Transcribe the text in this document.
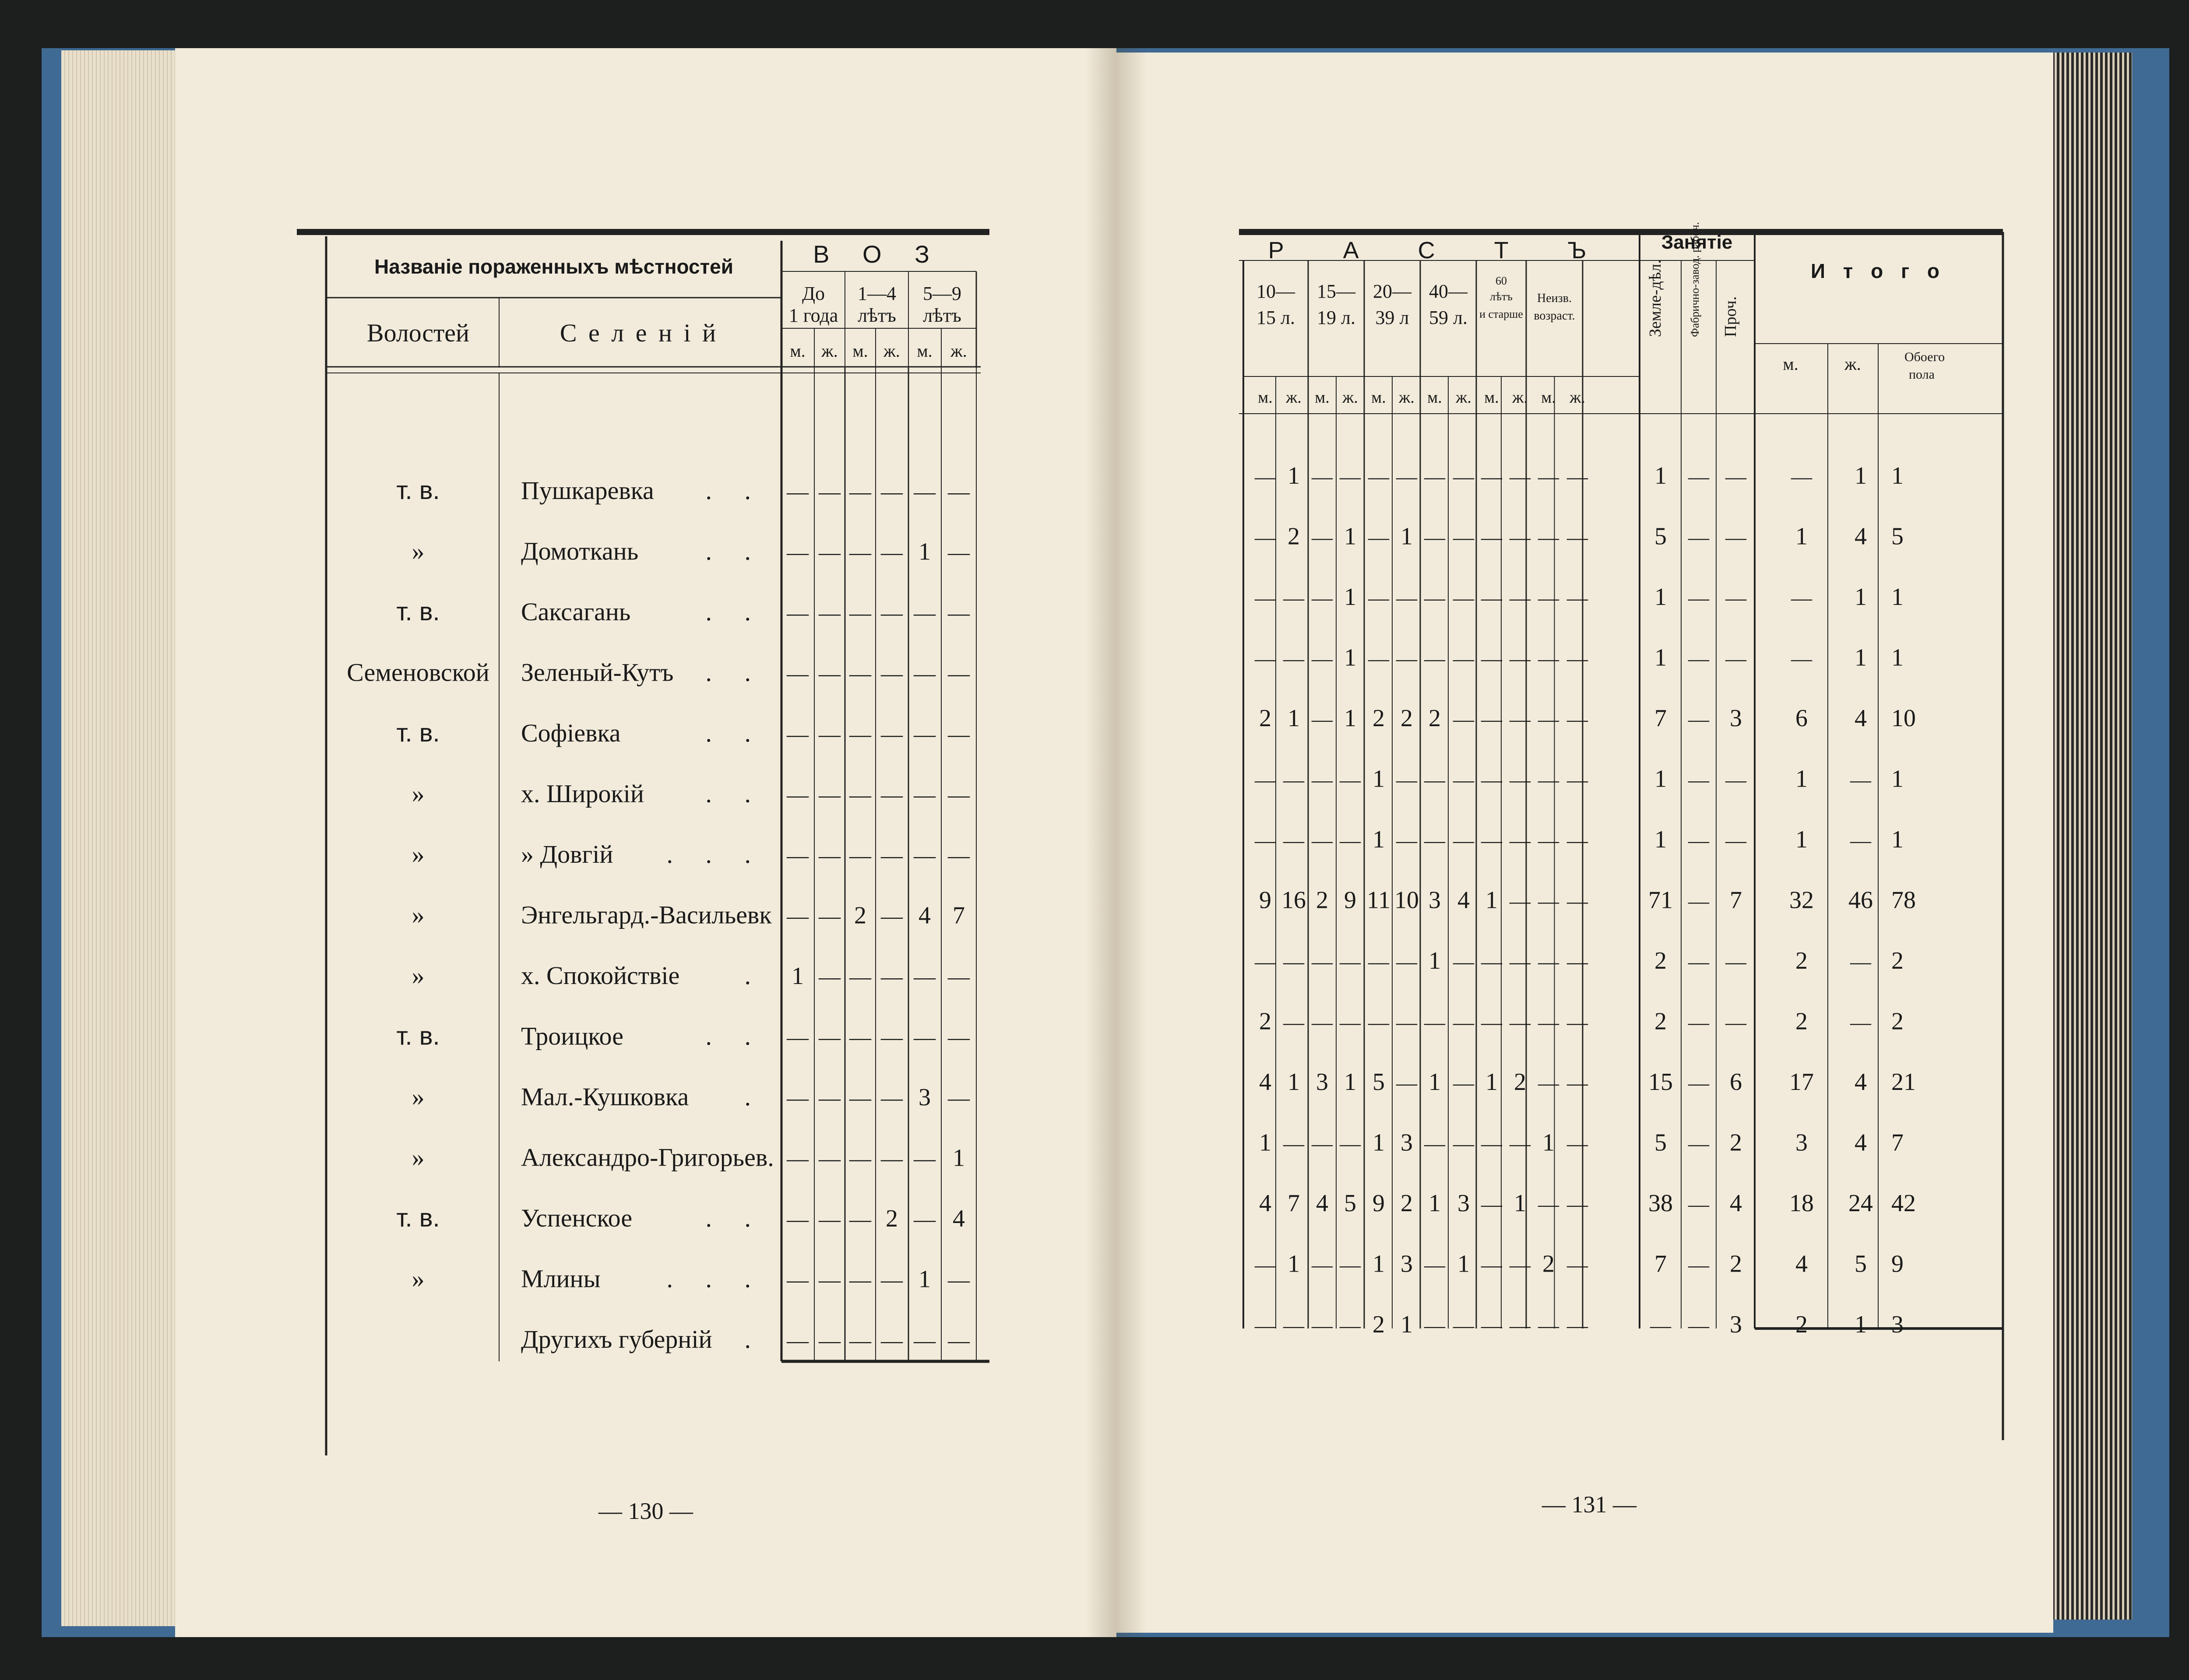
Названіе пораженныхъ мѣстностей
Волостей	С е л е н і й
В О З
До
1 года
1—4
лѣтъ
5—9
лѣтъ
м. ж. м. ж. м. ж.
т. в.	Пушкаревка . . — — — — — —
»	Домоткань	. . — — — — 1 —
т. в.	Саксагань	. . — — — — — —
Семеновской Зеленый-Кутъ . . — — — — — —
т. в.	Софіевка	. . — — — — — —
»	х. Широкій . . — — — — — —
»	» Довгій . . . — — — — — —
»	Энгельгард.-Васильевк — — 2 — 4 7
»	х. Спокойствіе	. 1 — — — — —
т. в.	Троицкое	. . — — — — — —
»	Мал.-Кушковка . — — — — 3 —
»	Александро-Григорьев. — — — — — 1
т. в.	Успенское	. . — — — 2 — 4
»	Млины	. . . — — — — 1 —
Другихъ губерній . — — — — — —
— 130 —
Р А С Т Ъ
10—
15 л.
15—
19 л.
20—
39 л
40—
59 л.
60
лѣтъ
и старше
Неизв.
возраст.
м. ж. м. ж. м. ж. м. ж. м. ж. м. ж.
Занятіе
Земле-дѣл. Фабрично-завод. рабоч. Проч.
И т о г о
м.	ж.	Обоего
пола
— 1 — — — — — — — — — —	1 — — — 1 1
— 2 — 1 — 1 — — — — — —	5 — — 1 4 5
— — — 1 — — — — — — — —	1 — — — 1 1
— — — 1 — — — — — — — —	1 — — — 1 1
2 1 — 1 2 2 2 — — — — —	7 — 3 6 4 10
— — — — 1 — — — — — — —	1 — — 1 — 1
— — — — 1 — — — — — — —	1 — — 1 — 1
9 16 2 9 11 10 3 4 1 — — — 71 — 7 32 46 78
— — — — — — 1 — — — — —	2 — — 2 — 2
2 — — — — — — — — — — —	2 — — 2 — 2
4 1 3 1 5 — 1 — 1 2 — — 15 — 6 17 4 21
1 — — — 1 3 — — — — 1 —	5 — 2 3 4 7
4 7 4 5 9 2 1 3 — 1 — — 38 — 4 18 24 42
— 1 — — 1 3 — 1 — — 2 —	7 — 2 4 5 9
— — — — 2 1 — — — — — —	— — 3 2 1 3
— 131 —
